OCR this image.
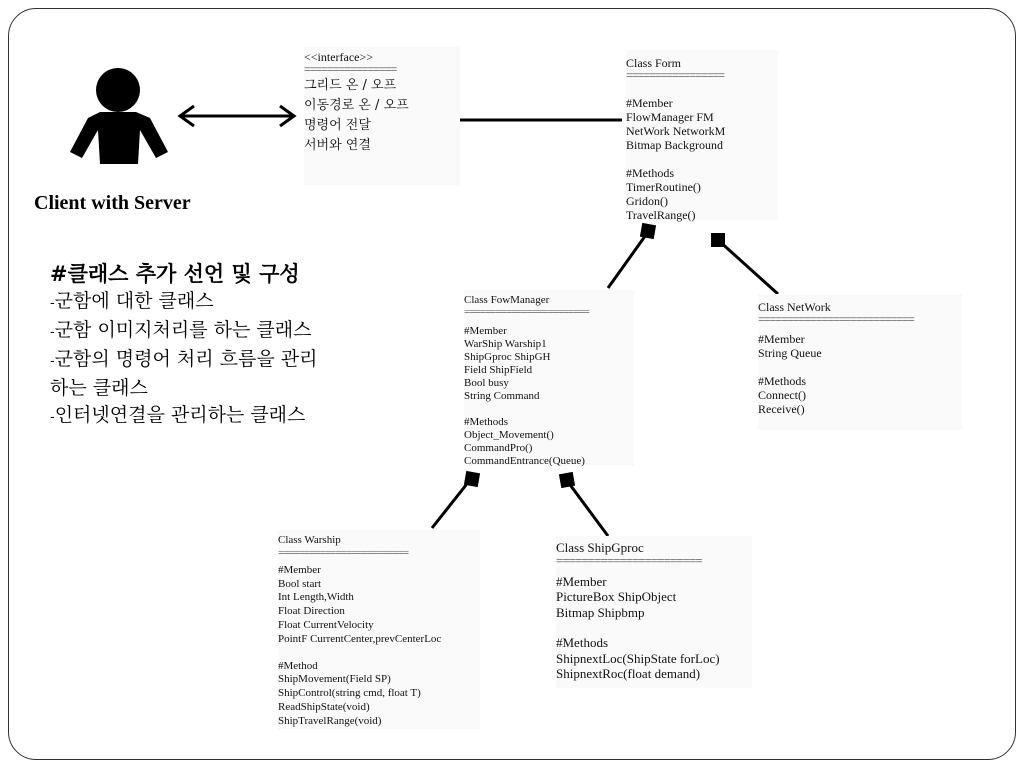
Client with Server
<<interface>>
================
그리드 온 / 오프
이동경로 온 / 오프
명령어 전달
서버와 연결
Class Form
=================
#Member
FlowManager FM
NetWork NetworkM
Bitmap Background
#Methods
TimerRoutine()
Gridon()
TravelRange()
Class FowManager
========================
#Member
WarShip Warship1
ShipGproc ShipGH
Field ShipField
Bool busy
String Command
#Methods
Object_Movement()
CommandPro()
CommandEntrance(Queue)
Class NetWork
===========================
#Member
String Queue
#Methods
Connect()
Receive()
Class Warship
=========================
#Member
Bool start
Int Length,Width
Float Direction
Float CurrentVelocity
PointF CurrentCenter,prevCenterLoc
#Method
ShipMovement(Field SP)
ShipControl(string cmd, float T)
ReadShipState(void)
ShipTravelRange(void)
Class ShipGproc
=======================
#Member
PictureBox ShipObject
Bitmap Shipbmp
#Methods
ShipnextLoc(ShipState forLoc)
ShipnextRoc(float demand)
#클래스 추가 선언 및 구성
-군함에 대한 클래스
-군함 이미지처리를 하는 클래스
-군함의 명령어 처리 흐름을 관리
하는 클래스
-인터넷연결을 관리하는 클래스
